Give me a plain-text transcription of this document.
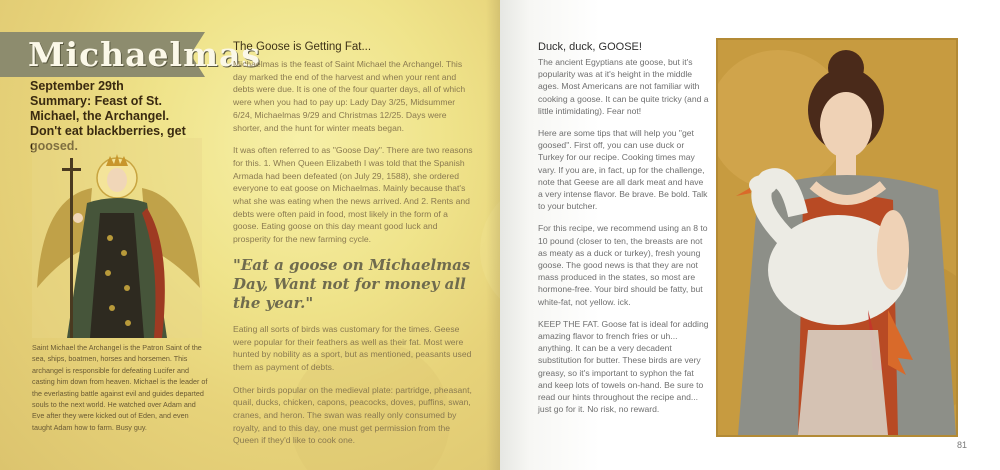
Michaelmas

September 29th

Summary: Feast of St. Michael, the Archangel. Don't eat blackberries, get goosed.

Saint Michael the Archangel is the Patron Saint of the sea, ships, boatmen, horses and horsemen. This archangel is responsible for defeating Lucifer and casting him down from heaven. Michael is the leader of the everlasting battle against evil and guides departed souls to the next world. He watched over Adam and Eve after they were kicked out of Eden, and even taught Adam how to farm. Busy guy.
The Goose is Getting Fat...

Michaelmas is the feast of Saint Michael the Archangel. This day marked the end of the harvest and when your rent and debts were due. It is one of the four quarter days, all of which were when you had to pay up: Lady Day 3/25, Midsummer 6/24, Michaelmas 9/29 and Christmas 12/25. Days were shorter, and the hunt for winter meats began.

It was often referred to as "Goose Day". There are two reasons for this. 1. When Queen Elizabeth I was told that the Spanish Armada had been defeated (on July 29, 1588), she ordered everyone to eat goose on Michaelmas. Mainly because that's what she was eating when the news arrived. And 2. Rents and debts were often paid in food, most likely in the form of a goose. Eating goose on this day meant good luck and prosperity for the new farming cycle.

"Eat a goose on Michaelmas Day, Want not for money all the year."

Eating all sorts of birds was customary for the times. Geese were popular for their feathers as well as their fat. Most were hunted by nobility as a sport, but as mentioned, peasants used them as payment of debts.

Other birds popular on the medieval plate: partridge, pheasant, quail, ducks, chicken, capons, peacocks, doves, puffins, swan, cranes, and heron. The swan was really only consumed by royalty, and to this day, one must get permission from the Queen if they'd like to cook one.

Duck, duck, GOOSE!

The ancient Egyptians ate goose, but it's popularity was at it's height in the middle ages. Most Americans are not familiar with cooking a goose. It can be quite tricky (and a little intimidating). Fear not!

Here are some tips that will help you "get goosed". First off, you can use duck or Turkey for our recipe. Cooking times may vary. If you are, in fact, up for the challenge, note that Geese are all dark meat and have a very intense flavor. Be brave. Be bold. Talk to your butcher.

For this recipe, we recommend using an 8 to 10 pound (closer to ten, the breasts are not as meaty as a duck or turkey), fresh young goose. The good news is that they are not mass produced in the states, so most are hormone-free. Your bird should be fatty, but white-fat, not yellow. ick.

KEEP THE FAT. Goose fat is ideal for adding amazing flavor to french fries or uh... anything. It can be a very decadent substitution for butter. These birds are very greasy, so it's important to syphon the fat and keep lots of towels on-hand. Be sure to read our hints throughout the recipe and... just go for it. No risk, no reward.

81
